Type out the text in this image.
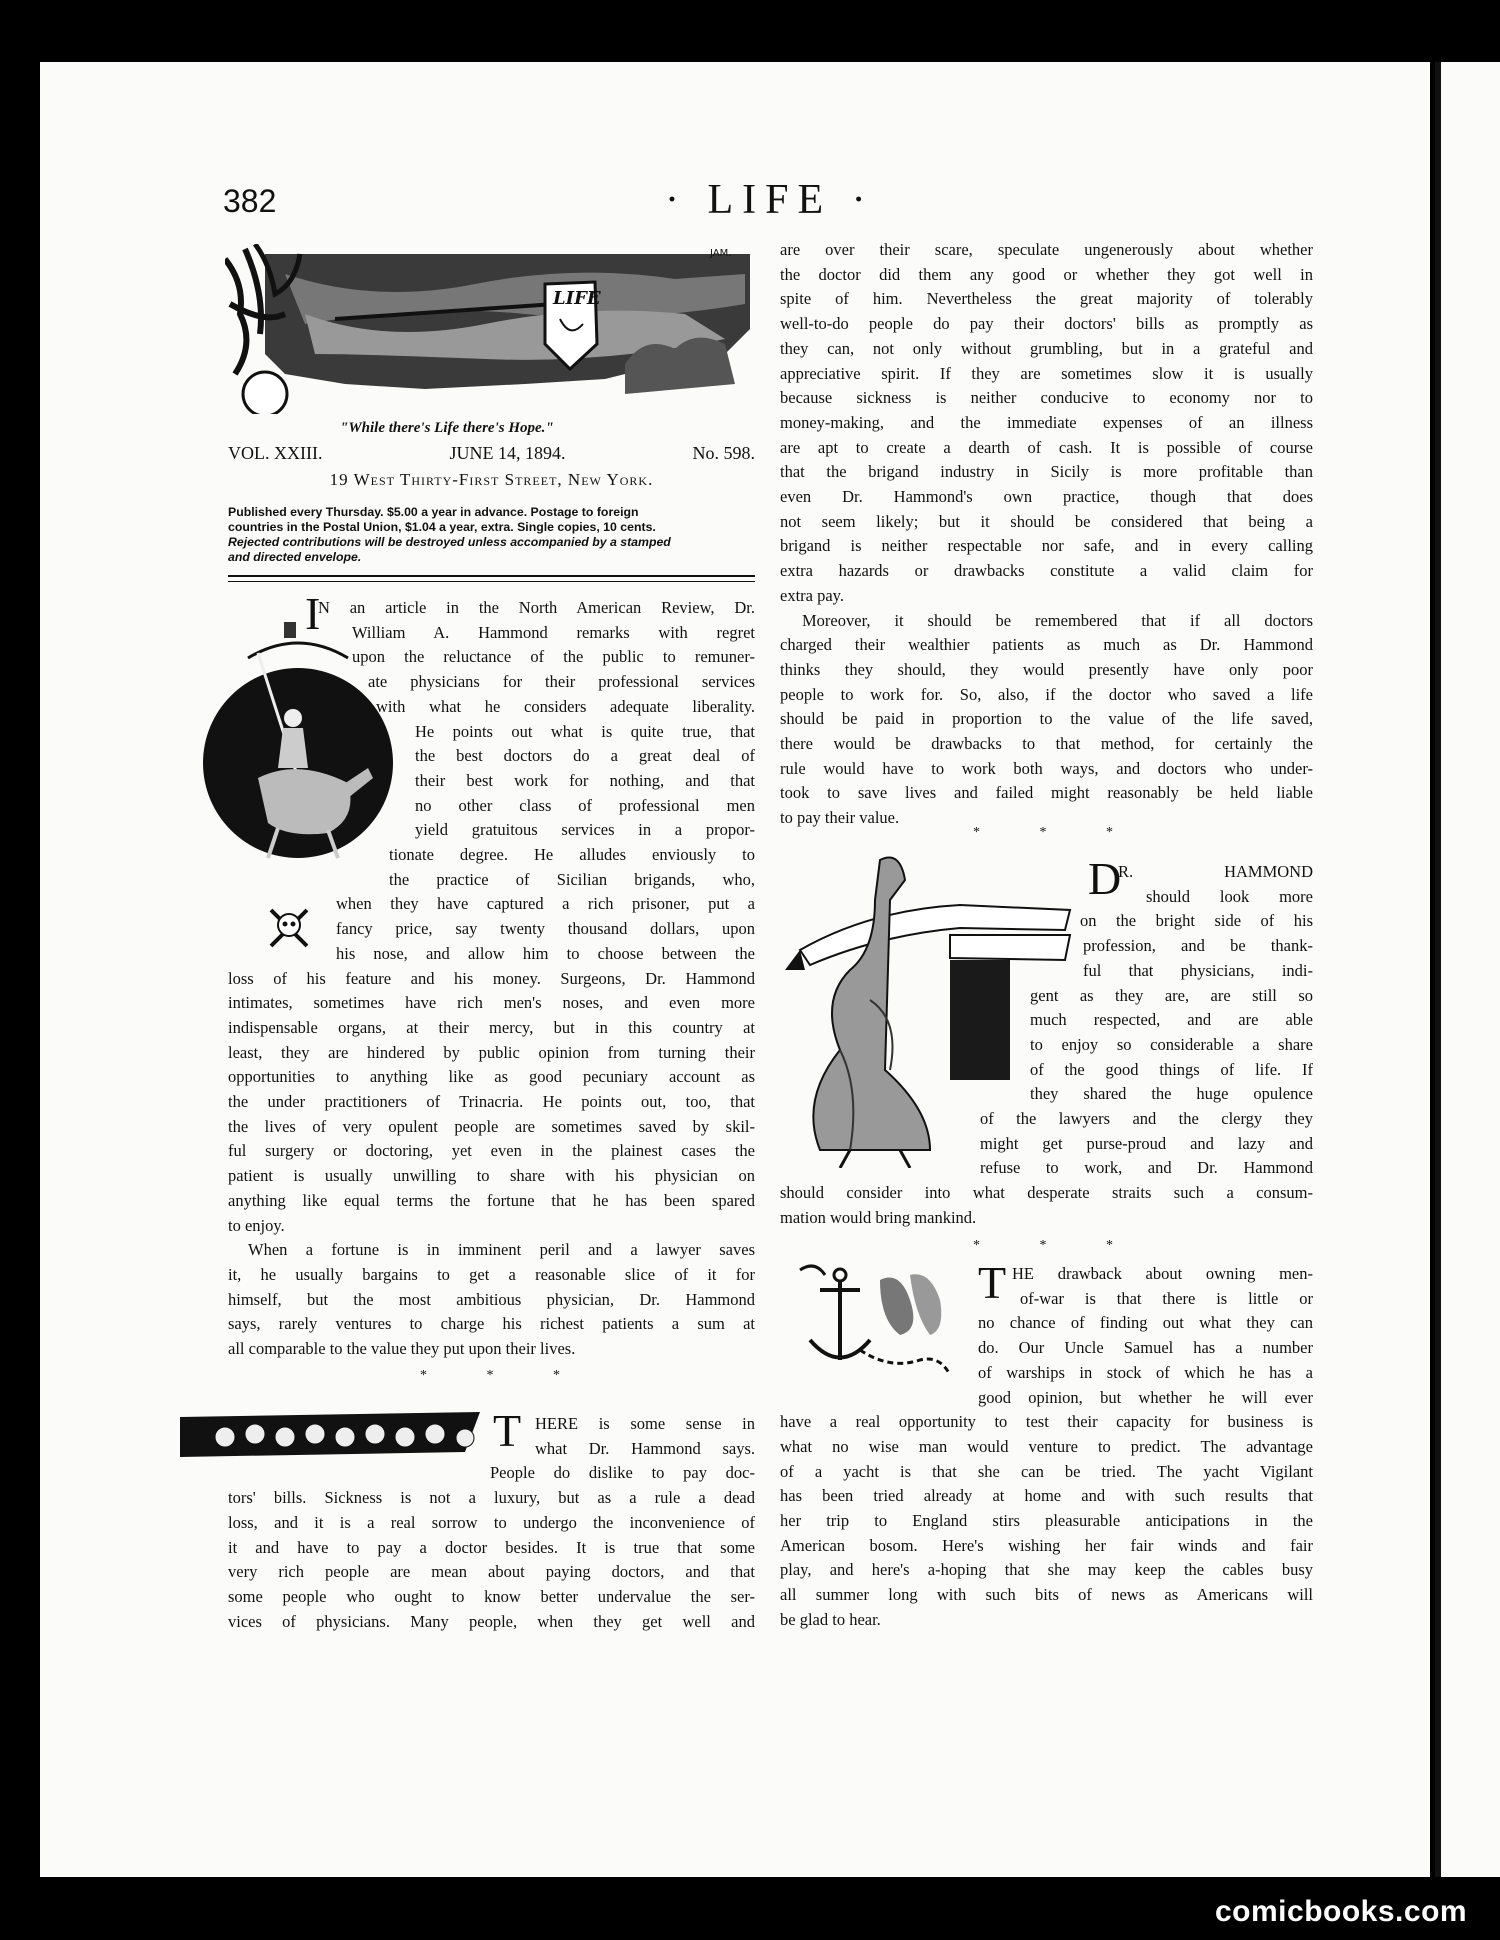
382	· LIFE ·
LIFE
JAM.
"While there's Life there's Hope."
VOL. XXIII.	JUNE 14, 1894.	No. 598.
19 West Thirty-First Street, New York.
Published every Thursday. $5.00 a year in advance. Postage to foreign
countries in the Postal Union, $1.04 a year, extra. Single copies, 10 cents.
Rejected contributions will be destroyed unless accompanied by a stamped
and directed envelope.
~
I
T
D
T
* * *
* * *
* * *
N an article in the North American Review, Dr.
William A. Hammond remarks with regret
upon the reluctance of the public to remuner-
ate physicians for their professional services
with what he considers adequate liberality.
He points out what is quite true, that
the best doctors do a great deal of
their best work for nothing, and that
no other class of professional men
yield gratuitous services in a propor-
tionate degree. He alludes enviously to
the practice of Sicilian brigands, who,
when they have captured a rich prisoner, put a
fancy price, say twenty thousand dollars, upon
his nose, and allow him to choose between the
loss of his feature and his money. Surgeons, Dr. Hammond
intimates, sometimes have rich men's noses, and even more
indispensable organs, at their mercy, but in this country at
least, they are hindered by public opinion from turning their
opportunities to anything like as good pecuniary account as
the under practitioners of Trinacria. He points out, too, that
the lives of very opulent people are sometimes saved by skil-
ful surgery or doctoring, yet even in the plainest cases the
patient is usually unwilling to share with his physician on
anything like equal terms the fortune that he has been spared
to enjoy.
When a fortune is in imminent peril and a lawyer saves
it, he usually bargains to get a reasonable slice of it for
himself, but the most ambitious physician, Dr. Hammond
says, rarely ventures to charge his richest patients a sum at
all comparable to the value they put upon their lives.
HERE is some sense in
what Dr. Hammond says.
People do dislike to pay doc-
tors' bills. Sickness is not a luxury, but as a rule a dead
loss, and it is a real sorrow to undergo the inconvenience of
it and have to pay a doctor besides. It is true that some
very rich people are mean about paying doctors, and that
some people who ought to know better undervalue the ser-
vices of physicians. Many people, when they get well and
are over their scare, speculate ungenerously about whether
the doctor did them any good or whether they got well in
spite of him. Nevertheless the great majority of tolerably
well-to-do people do pay their doctors' bills as promptly as
they can, not only without grumbling, but in a grateful and
appreciative spirit. If they are sometimes slow it is usually
because sickness is neither conducive to economy nor to
money-making, and the immediate expenses of an illness
are apt to create a dearth of cash. It is possible of course
that the brigand industry in Sicily is more profitable than
even Dr. Hammond's own practice, though that does
not seem likely; but it should be considered that being a
brigand is neither respectable nor safe, and in every calling
extra hazards or drawbacks constitute a valid claim for
extra pay.
Moreover, it should be remembered that if all doctors
charged their wealthier patients as much as Dr. Hammond
thinks they should, they would presently have only poor
people to work for. So, also, if the doctor who saved a life
should be paid in proportion to the value of the life saved,
there would be drawbacks to that method, for certainly the
rule would have to work both ways, and doctors who under-
took to save lives and failed might reasonably be held liable
to pay their value.
R. HAMMOND
should look more
on the bright side of his
profession, and be thank-
ful that physicians, indi-
gent as they are, are still so
much respected, and are able
to enjoy so considerable a share
of the good things of life. If
they shared the huge opulence
of the lawyers and the clergy they
might get purse-proud and lazy and
refuse to work, and Dr. Hammond
should consider into what desperate straits such a consum-
mation would bring mankind.
HE drawback about owning men-
of-war is that there is little or
no chance of finding out what they can
do. Our Uncle Samuel has a number
of warships in stock of which he has a
good opinion, but whether he will ever
have a real opportunity to test their capacity for business is
what no wise man would venture to predict. The advantage
of a yacht is that she can be tried. The yacht Vigilant
has been tried already at home and with such results that
her trip to England stirs pleasurable anticipations in the
American bosom. Here's wishing her fair winds and fair
play, and here's a-hoping that she may keep the cables busy
all summer long with such bits of news as Americans will
be glad to hear.
comicbooks.com
